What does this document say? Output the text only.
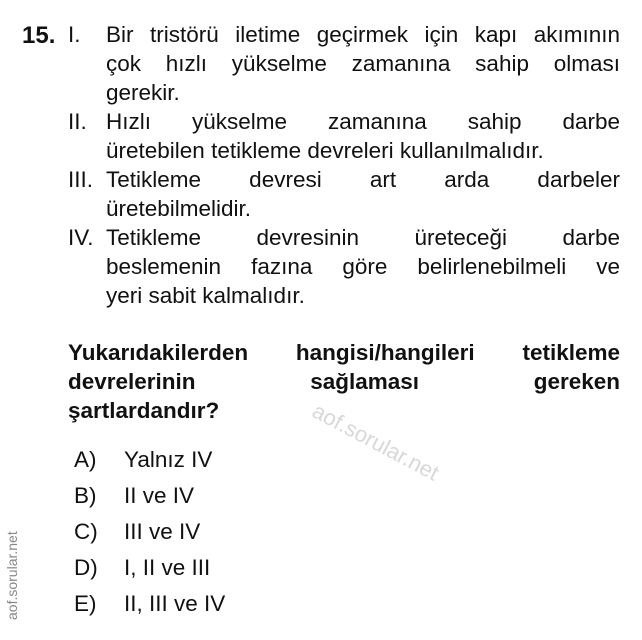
15. I. Bir tristörü iletime geçirmek için kapı akımının
çok hızlı yükselme zamanına sahip olması
gerekir.
II. Hızlı yükselme zamanına sahip darbe
üretebilen tetikleme devreleri kullanılmalıdır.
III. Tetikleme devresi art arda darbeler
üretebilmelidir.
IV. Tetikleme devresinin üreteceği darbe
beslemenin fazına göre belirlenebilmeli ve
yeri sabit kalmalıdır.
Yukarıdakilerden hangisi/hangileri tetikleme
devrelerinin sağlaması gereken
şartlardandır?
A) Yalnız IV
B) II ve IV
C) III ve IV
D) I, II ve III
E) II, III ve IV
aof.sorular.net
aof.sorular.net
